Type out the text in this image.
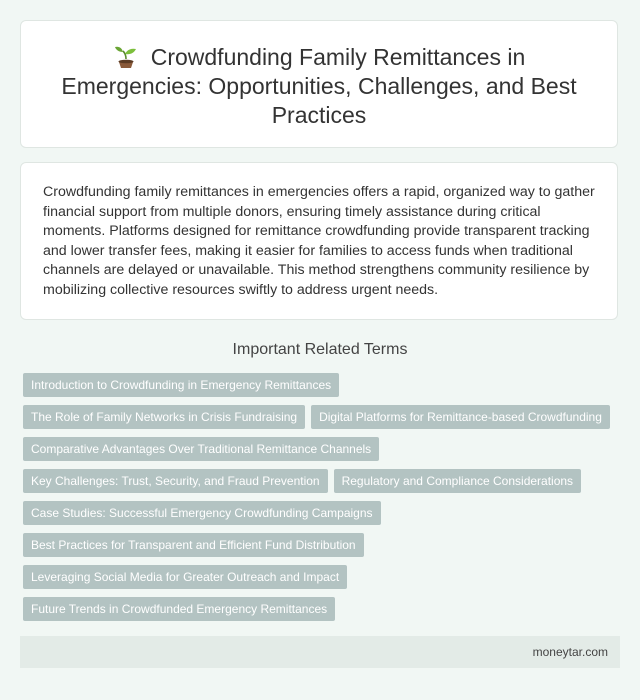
Crowdfunding Family Remittances in Emergencies: Opportunities, Challenges, and Best Practices

Crowdfunding family remittances in emergencies offers a rapid, organized way to gather financial support from multiple donors, ensuring timely assistance during critical moments. Platforms designed for remittance crowdfunding provide transparent tracking and lower transfer fees, making it easier for families to access funds when traditional channels are delayed or unavailable. This method strengthens community resilience by mobilizing collective resources swiftly to address urgent needs.

Important Related Terms
Introduction to Crowdfunding in Emergency Remittances
The Role of Family Networks in Crisis Fundraising Digital Platforms for Remittance-based Crowdfunding
Comparative Advantages Over Traditional Remittance Channels
Key Challenges: Trust, Security, and Fraud Prevention Regulatory and Compliance Considerations
Case Studies: Successful Emergency Crowdfunding Campaigns
Best Practices for Transparent and Efficient Fund Distribution
Leveraging Social Media for Greater Outreach and Impact
Future Trends in Crowdfunded Emergency Remittances
moneytar.com
